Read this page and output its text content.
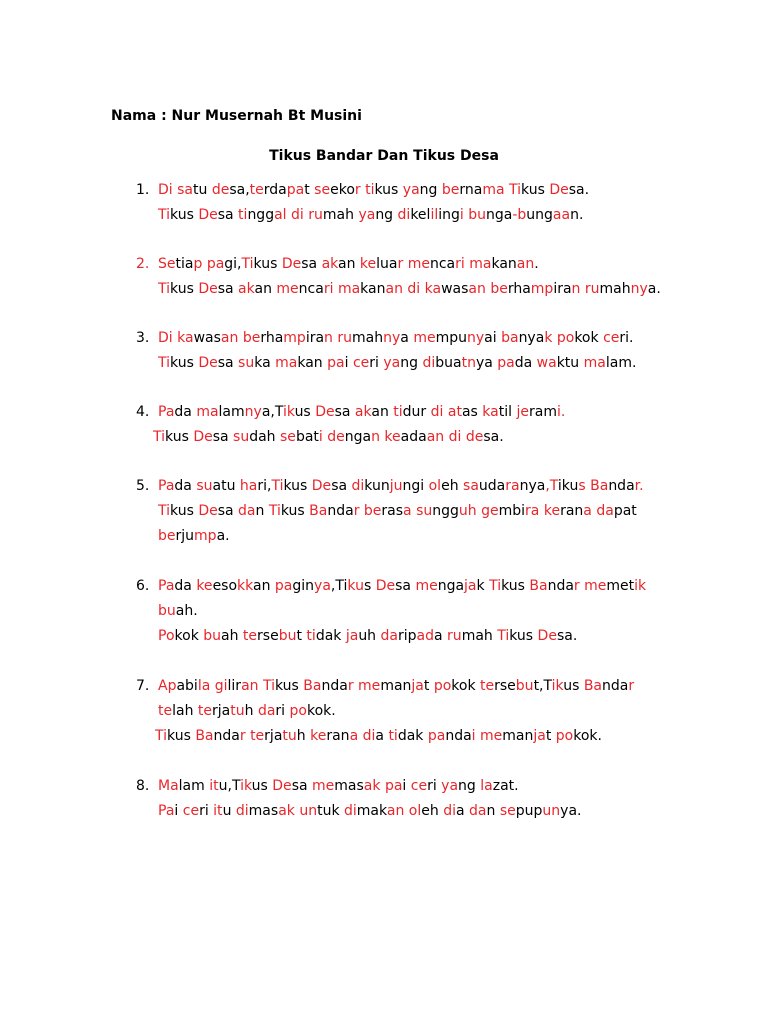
Nama : Nur Musernah Bt Musini
Tikus Bandar Dan Tikus Desa
1. Di satu desa,terdapat seekor tikus yang bernama Tikus Desa.
Tikus Desa tinggal di rumah yang dikelilingi bunga-bungaan.
2. Setiap pagi,Tikus Desa akan keluar mencari makanan.
Tikus Desa akan mencari makanan di kawasan berhampiran rumahnya.
3. Di kawasan berhampiran rumahnya mempunyai banyak pokok ceri.
Tikus Desa suka makan pai ceri yang dibuatnya pada waktu malam.
4. Pada malamnya,Tikus Desa akan tidur di atas katil jerami.
Tikus Desa sudah sebati dengan keadaan di desa.
5. Pada suatu hari,Tikus Desa dikunjungi oleh saudaranya,Tikus Bandar.
Tikus Desa dan Tikus Bandar berasa sungguh gembira kerana dapat
berjumpa.
6. Pada keesokkan paginya,Tikus Desa mengajak Tikus Bandar memetik
buah.
Pokok buah tersebut tidak jauh daripada rumah Tikus Desa.
7. Apabila giliran Tikus Bandar memanjat pokok tersebut,Tikus Bandar
telah terjatuh dari pokok.
Tikus Bandar terjatuh kerana dia tidak pandai memanjat pokok.
8. Malam itu,Tikus Desa memasak pai ceri yang lazat.
Pai ceri itu dimasak untuk dimakan oleh dia dan sepupunya.
